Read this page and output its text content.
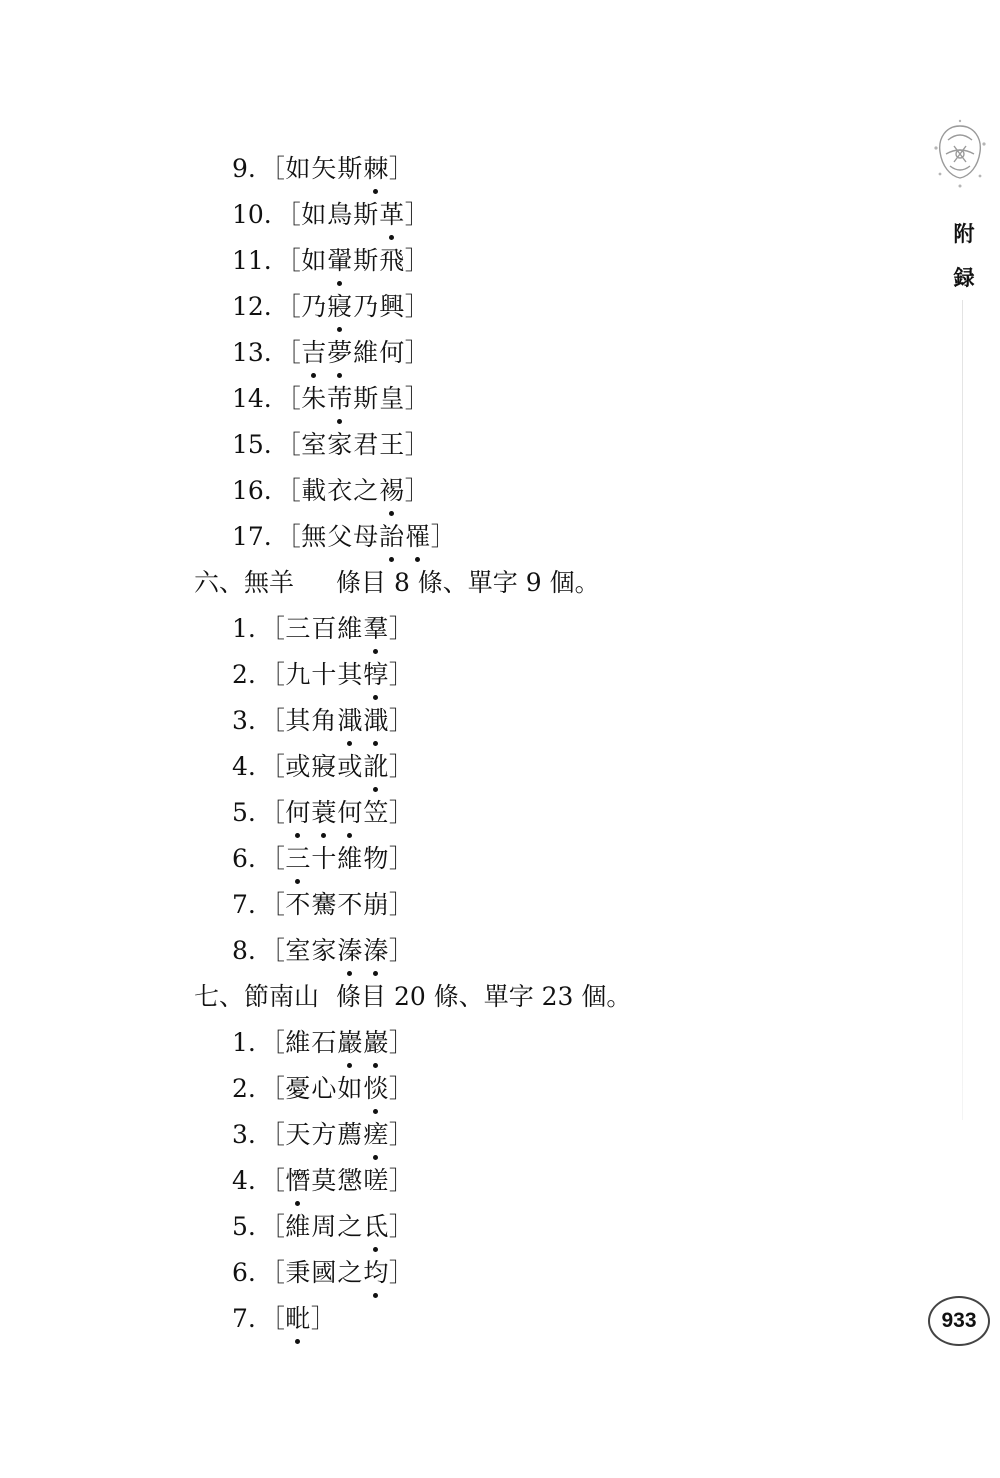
9. ［如矢斯棘］
10. ［如鳥斯革］
11. ［如翬斯飛］
12. ［乃寢乃興］
13. ［吉夢維何］
14. ［朱芾斯皇］
15. ［室家君王］
16. ［載衣之裼］
17. ［無父母詒罹］
六、無羊 條目 8 條、單字 9 個。
1. ［三百維羣］
2. ［九十其犉］
3. ［其角濈濈］
4. ［或寢或訛］
5. ［何蓑何笠］
6. ［三十維物］
7. ［不騫不崩］
8. ［室家溱溱］
七、節南山 條目 20 條、單字 23 個。
1. ［維石巖巖］
2. ［憂心如惔］
3. ［天方薦瘥］
4. ［憯莫懲嗟］
5. ［維周之氐］
6. ［秉國之均］
7. ［毗］
附
録
933
